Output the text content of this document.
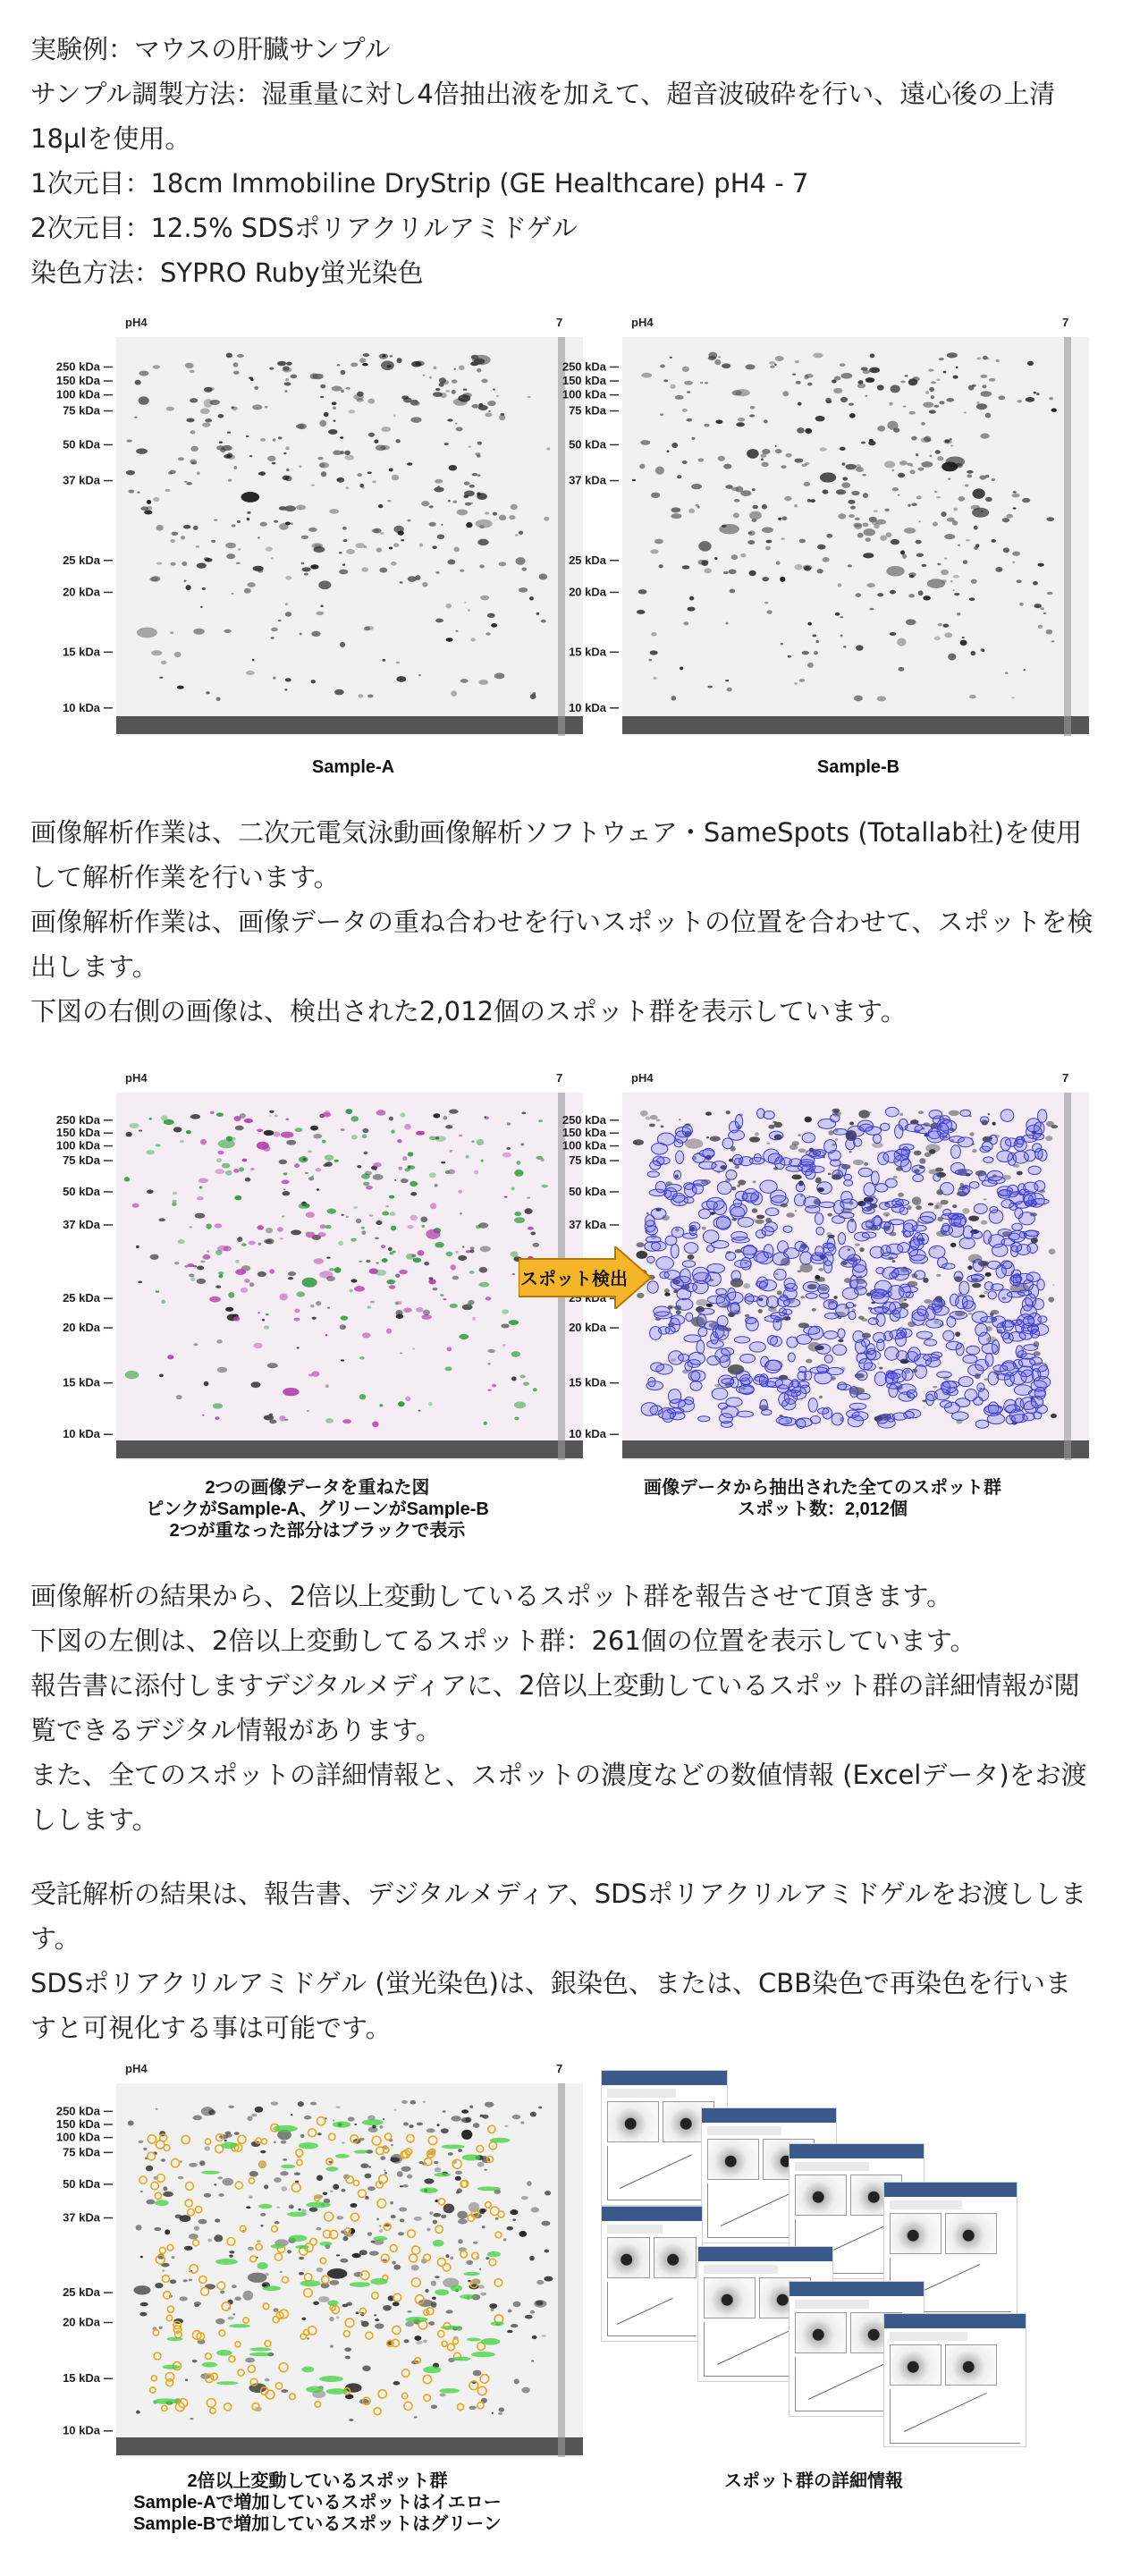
実験例：マウスの肝臓サンプル

サンプル調製方法：湿重量に対し4倍抽出液を加えて、超音波破砕を行い、遠心後の上清18µlを使用。

1次元目：18cm Immobiline DryStrip (GE Healthcare) pH4 - 7

2次元目：12.5% SDSポリアクリルアミドゲル

染色方法：SYPRO Ruby蛍光染色

pH4	7
250 kDa
150 kDa
100 kDa
75 kDa
50 kDa
37 kDa
25 kDa
20 kDa
15 kDa
10 kDa
pH4	7
250 kDa
150 kDa
100 kDa
75 kDa
50 kDa
37 kDa
25 kDa
20 kDa
15 kDa
10 kDa
Sample-A	Sample-B

画像解析作業は、二次元電気泳動画像解析ソフトウェア・SameSpots (Totallab社)を使用して解析作業を行います。

画像解析作業は、画像データの重ね合わせを行いスポットの位置を合わせて、スポットを検出します。

下図の右側の画像は、検出された2,012個のスポット群を表示しています。

pH4	7
250 kDa
150 kDa
100 kDa
75 kDa
50 kDa
37 kDa
25 kDa
20 kDa
15 kDa
10 kDa
pH4	7
250 kDa
150 kDa
100 kDa
75 kDa
50 kDa
37 kDa
25 kDa
20 kDa
15 kDa
10 kDa
スポット検出
2つの画像データを重ねた図
ピンクがSample-A、グリーンがSample-B
2つが重なった部分はブラックで表示
画像データから抽出された全てのスポット群
スポット数：2,012個

画像解析の結果から、2倍以上変動しているスポット群を報告させて頂きます。

下図の左側は、2倍以上変動してるスポット群：261個の位置を表示しています。

報告書に添付しますデジタルメディアに、2倍以上変動しているスポット群の詳細情報が閲覧できるデジタル情報があります。

また、全てのスポットの詳細情報と、スポットの濃度などの数値情報 (Excelデータ)をお渡しします。

受託解析の結果は、報告書、デジタルメディア、SDSポリアクリルアミドゲルをお渡しします。

SDSポリアクリルアミドゲル (蛍光染色)は、銀染色、または、CBB染色で再染色を行いますと可視化する事は可能です。

pH4	7
250 kDa
150 kDa
100 kDa
75 kDa
50 kDa
37 kDa
25 kDa
20 kDa
15 kDa
10 kDa
2倍以上変動しているスポット群
Sample-Aで増加しているスポットはイエロー
Sample-Bで増加しているスポットはグリーン
スポット群の詳細情報
